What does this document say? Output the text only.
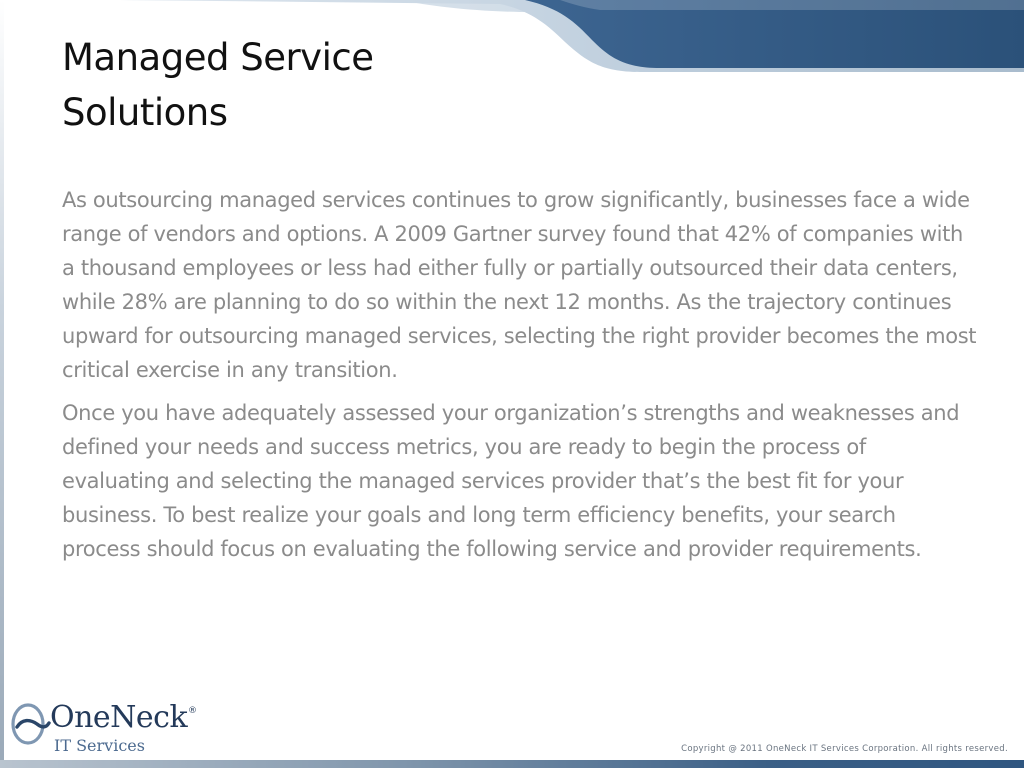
Managed Service
Solutions

As outsourcing managed services continues to grow significantly, businesses face a wide range of vendors and options. A 2009 Gartner survey found that 42% of companies with a thousand employees or less had either fully or partially outsourced their data centers, while 28% are planning to do so within the next 12 months. As the trajectory continues upward for outsourcing managed services, selecting the right provider becomes the most critical exercise in any transition.

Once you have adequately assessed your organization’s strengths and weaknesses and defined your needs and success metrics, you are ready to begin the process of evaluating and selecting the managed services provider that’s the best fit for your business. To best realize your goals and long term efficiency benefits, your search process should focus on evaluating the following service and provider requirements.

OneNeck ®
IT Services	Copyright @ 2011 OneNeck IT Services Corporation. All rights reserved.
